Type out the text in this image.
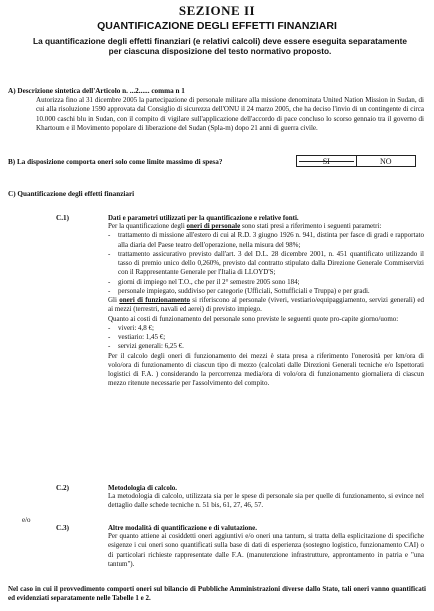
SEZIONE II
QUANTIFICAZIONE DEGLI EFFETTI FINANZIARI
La quantificazione degli effetti finanziari (e relativi calcoli) deve essere eseguita separatamente per ciascuna disposizione del testo normativo proposto.
A) Descrizione sintetica dell'Articolo n. ...2...... comma n 1
Autorizza fino al 31 dicembre 2005 la partecipazione di personale militare alla missione denominata United Nation Mission in Sudan, di cui alla risoluzione 1590 approvata dal Consiglio di sicurezza dell'ONU il 24 marzo 2005, che ha deciso l'invio di un contingente di circa 10.000 caschi blu in Sudan, con il compito di vigilare sull'applicazione dell'accordo di pace concluso lo scorso gennaio tra il governo di Khartoum e il Movimento popolare di liberazione del Sudan (Spla-m) dopo 21 anni di guerra civile.
B) La disposizione comporta oneri solo come limite massimo di spesa?	SI	NO
C) Quantificazione degli effetti finanziari
C.1)	Dati e parametri utilizzati per la quantificazione e relative fonti.
Per la quantificazione degli oneri di personale sono stati presi a riferimento i seguenti parametri:
-	trattamento di missione all'estero di cui al R.D. 3 giugno 1926 n. 941, distinta per fasce di gradi e rapportato alla diaria del Paese teatro dell'operazione, nella misura del 98%;
-	trattamento assicurativo previsto dall'art. 3 del D.L. 28 dicembre 2001, n. 451 quantificato utilizzando il tasso di premio unico dello 0,260%, previsto dal contratto stipulato dalla Direzione Generale Commiservizi con il Rappresentante Generale per l'Italia di LLOYD'S;
-	giorni di impiego nel T.O., che per il 2° semestre 2005 sono 184;
-	personale impiegato, suddiviso per categorie (Ufficiali, Sottufficiali e Truppa) e per gradi.
Gli oneri di funzionamento si riferiscono al personale (viveri, vestiario/equipaggiamento, servizi generali) ed ai mezzi (terrestri, navali ed aerei) di previsto impiego.
Quanto ai costi di funzionamento del personale sono previste le seguenti quote pro-capite giorno/uomo:
-	viveri: 4,8 €;
-	vestiario: 1,45 €;
-	servizi generali: 6,25 €.
Per il calcolo degli oneri di funzionamento dei mezzi è stata presa a riferimento l'onerosità per km/ora di volo/ora di funzionamento di ciascun tipo di mezzo (calcolati dalle Direzioni Generali tecniche e/o Ispettorati logistici di F.A. ) considerando la percorrenza media/ora di volo/ora di funzionamento giornaliera di ciascun mezzo ritenute necessarie per l'assolvimento del compito.
C.2)	Metodologia di calcolo.
La metodologia di calcolo, utilizzata sia per le spese di personale sia per quelle di funzionamento, si evince nel dettaglio dalle schede tecniche n. 51 bis, 61, 27, 46, 57.
e/o
C.3)	Altre modalità di quantificazione e di valutazione.
Per quanto attiene ai cosiddetti oneri aggiuntivi e/o oneri una tantum, si tratta della esplicitazione di specifiche esigenze i cui oneri sono quantificati sulla base di dati di esperienza (sostegno logistico, funzionamento CAI) o di particolari richieste rappresentate dalle F.A. (manutenzione infrastrutture, approntamento in patria e "una tantum").
Nel caso in cui il provvedimento comporti oneri sul bilancio di Pubbliche Amministrazioni diverse dallo Stato, tali oneri vanno quantificati ed evidenziati separatamente nelle Tabelle 1 e 2.
